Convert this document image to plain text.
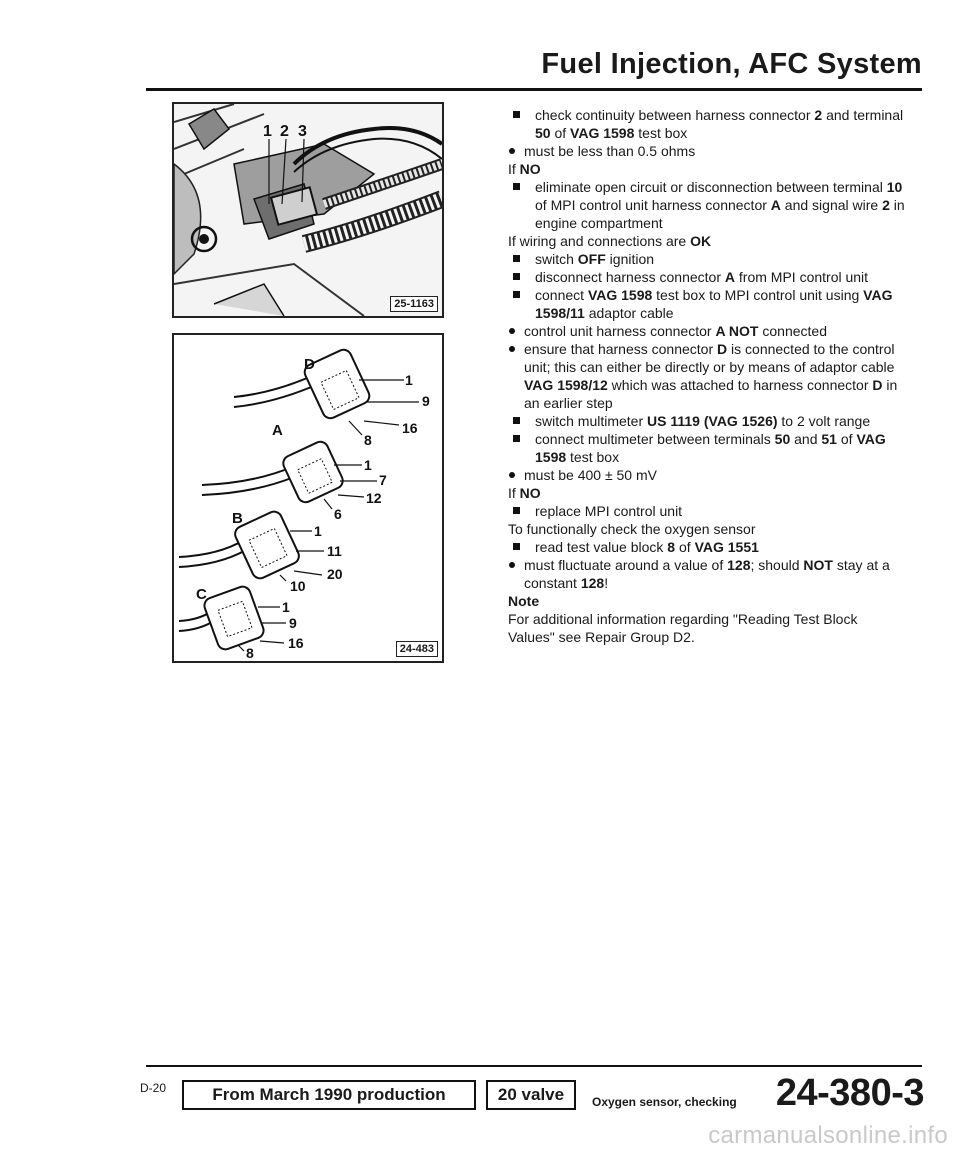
Fuel Injection, AFC System
1 2 3
25-1163
D
1
9
16
8
A
1
7
12
6
B
1
11
20
10
C
1
9
16
8	24-483

check continuity between harness connector 2 and terminal 50 of VAG 1598 test box

must be less than 0.5 ohms

If NO

eliminate open circuit or disconnection between terminal 10 of MPI control unit harness connector A and signal wire 2 in engine compartment

If wiring and connections are OK

switch OFF ignition

disconnect harness connector A from MPI control unit

connect VAG 1598 test box to MPI control unit using VAG 1598/11 adaptor cable

control unit harness connector A NOT connected

ensure that harness connector D is connected to the control unit; this can either be directly or by means of adaptor cable VAG 1598/12 which was attached to harness connector D in an earlier step

switch multimeter US 1119 (VAG 1526) to 2 volt range

connect multimeter between terminals 50 and 51 of VAG 1598 test box

must be 400 ± 50 mV

If NO

replace MPI control unit

To functionally check the oxygen sensor

read test value block 8 of VAG 1551

must fluctuate around a value of 128; should NOT stay at a constant 128!

Note

For additional information regarding "Reading Test Block Values" see Repair Group D2.

D-20	From March 1990 production	20 valve	Oxygen sensor, checking 24-380-3
carmanualsonline.info
